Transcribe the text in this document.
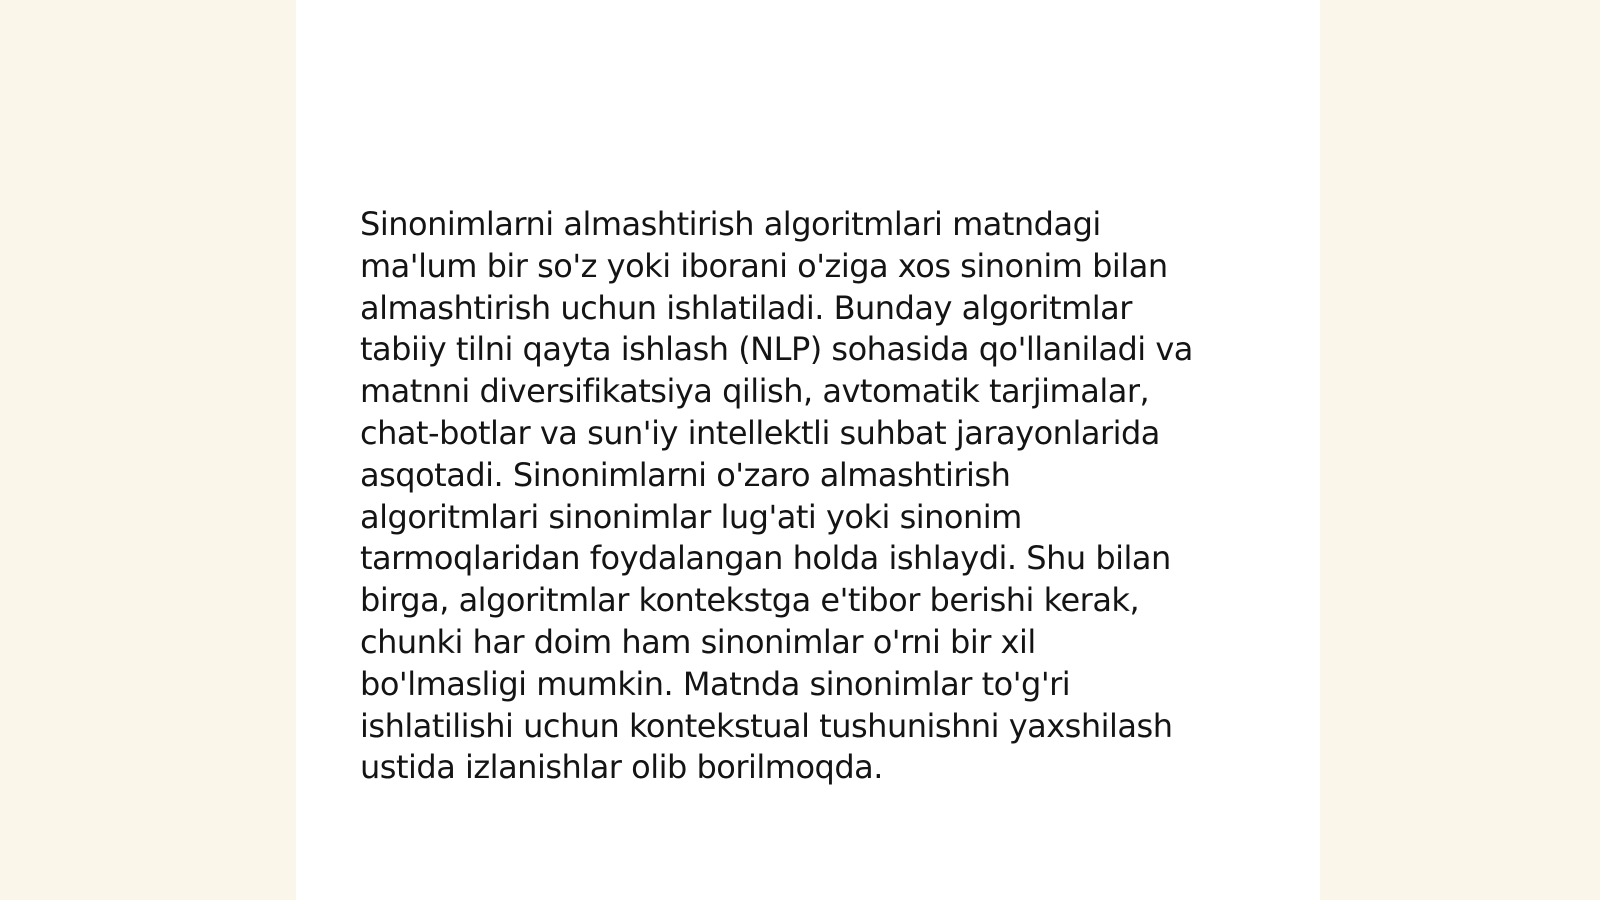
Sinonimlarni almashtirish algoritmlari matndagi
ma'lum bir so'z yoki iborani o'ziga xos sinonim bilan
almashtirish uchun ishlatiladi. Bunday algoritmlar
tabiiy tilni qayta ishlash (NLP) sohasida qo'llaniladi va
matnni diversifikatsiya qilish, avtomatik tarjimalar,
chat-botlar va sun'iy intellektli suhbat jarayonlarida
asqotadi. Sinonimlarni o'zaro almashtirish
algoritmlari sinonimlar lug'ati yoki sinonim
tarmoqlaridan foydalangan holda ishlaydi. Shu bilan
birga, algoritmlar kontekstga e'tibor berishi kerak,
chunki har doim ham sinonimlar o'rni bir xil
bo'lmasligi mumkin. Matnda sinonimlar to'g'ri
ishlatilishi uchun kontekstual tushunishni yaxshilash
ustida izlanishlar olib borilmoqda.
